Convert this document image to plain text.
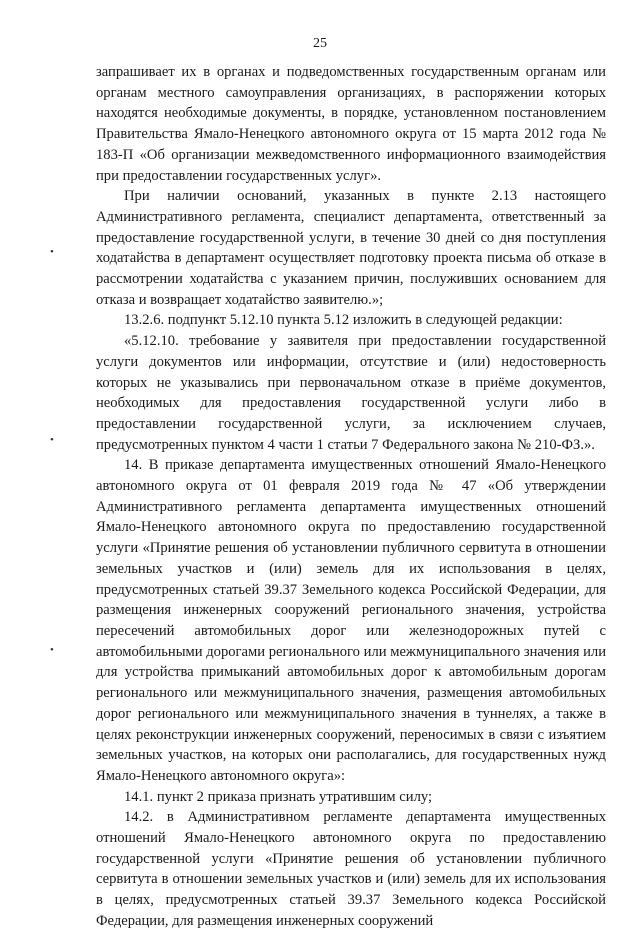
25
•
•
•

запрашивает их в органах и подведомственных государственным органам или органам местного самоуправления организациях, в распоряжении которых находятся необходимые документы, в порядке, установленном постановлением Правительства Ямало-Ненецкого автономного округа от 15 марта 2012 года № 183-П «Об организации межведомственного информационного взаимодействия при предоставлении государственных услуг».

При наличии оснований, указанных в пункте 2.13 настоящего Административного регламента, специалист департамента, ответственный за предоставление государственной услуги, в течение 30 дней со дня поступления ходатайства в департамент осуществляет подготовку проекта письма об отказе в рассмотрении ходатайства с указанием причин, послуживших основанием для отказа и возвращает ходатайство заявителю.»;

13.2.6. подпункт 5.12.10 пункта 5.12 изложить в следующей редакции:

«5.12.10. требование у заявителя при предоставлении государственной услуги документов или информации, отсутствие и (или) недостоверность которых не указывались при первоначальном отказе в приёме документов, необходимых для предоставления государственной услуги либо в предоставлении государственной услуги, за исключением случаев, предусмотренных пунктом 4 части 1 статьи 7 Федерального закона № 210-ФЗ.».

14. В приказе департамента имущественных отношений Ямало-Ненецкого автономного округа от 01 февраля 2019 года № 47 «Об утверждении Административного регламента департамента имущественных отношений Ямало-Ненецкого автономного округа по предоставлению государственной услуги «Принятие решения об установлении публичного сервитута в отношении земельных участков и (или) земель для их использования в целях, предусмотренных статьей 39.37 Земельного кодекса Российской Федерации, для размещения инженерных сооружений регионального значения, устройства пересечений автомобильных дорог или железнодорожных путей с автомобильными дорогами регионального или межмуниципального значения или для устройства примыканий автомобильных дорог к автомобильным дорогам регионального или межмуниципального значения, размещения автомобильных дорог регионального или межмуниципального значения в туннелях, а также в целях реконструкции инженерных сооружений, переносимых в связи с изъятием земельных участков, на которых они располагались, для государственных нужд Ямало-Ненецкого автономного округа»:

14.1. пункт 2 приказа признать утратившим силу;

14.2. в Административном регламенте департамента имущественных отношений Ямало-Ненецкого автономного округа по предоставлению государственной услуги «Принятие решения об установлении публичного сервитута в отношении земельных участков и (или) земель для их использования в целях, предусмотренных статьей 39.37 Земельного кодекса Российской Федерации, для размещения инженерных сооружений
